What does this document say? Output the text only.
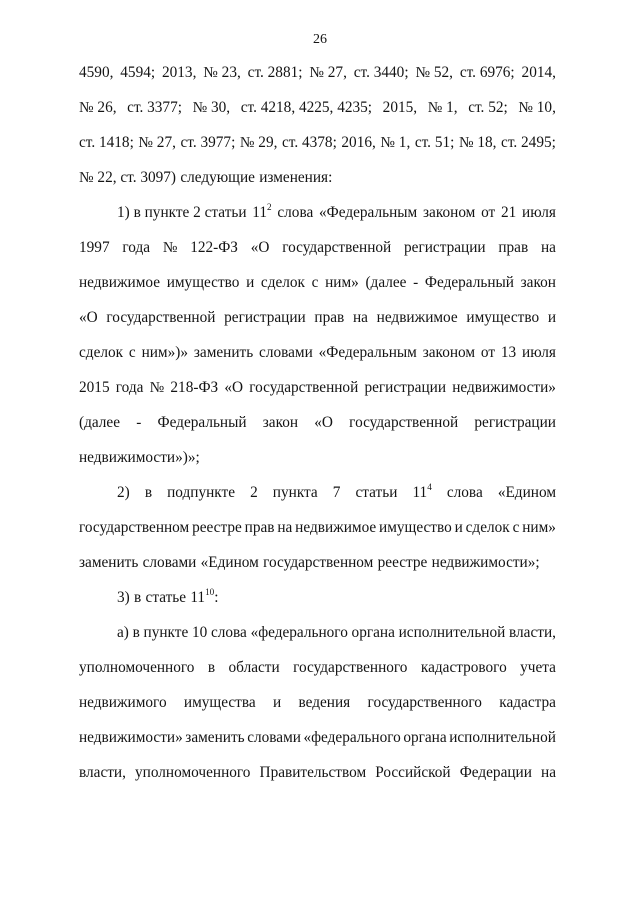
26
4590, 4594; 2013, № 23, ст. 2881; № 27, ст. 3440; № 52, ст. 6976; 2014,
№ 26, ст. 3377; № 30, ст. 4218, 4225, 4235; 2015, № 1, ст. 52; № 10,
ст. 1418; № 27, ст. 3977; № 29, ст. 4378; 2016, № 1, ст. 51; № 18, ст. 2495;
№ 22, ст. 3097) следующие изменения:
1) в пункте 2 статьи $11^2$ слова «Федеральным законом от 21 июля
1997 года № 122-ФЗ «О государственной регистрации прав на
недвижимое имущество и сделок с ним» (далее - Федеральный закон
«О государственной регистрации прав на недвижимое имущество и
сделок с ним»)» заменить словами «Федеральным законом от 13 июля
2015 года № 218-ФЗ «О государственной регистрации недвижимости»
(далее - Федеральный закон «О государственной регистрации
недвижимости»)»;
2) в подпункте 2 пункта 7 статьи $11^4$ слова «Едином
государственном реестре прав на недвижимое имущество и сделок с ним»
заменить словами «Едином государственном реестре недвижимости»;
3) в статье $11^{10}$:
а) в пункте 10 слова «федерального органа исполнительной власти,
уполномоченного в области государственного кадастрового учета
недвижимого имущества и ведения государственного кадастра
недвижимости» заменить словами «федерального органа исполнительной
власти, уполномоченного Правительством Российской Федерации на
